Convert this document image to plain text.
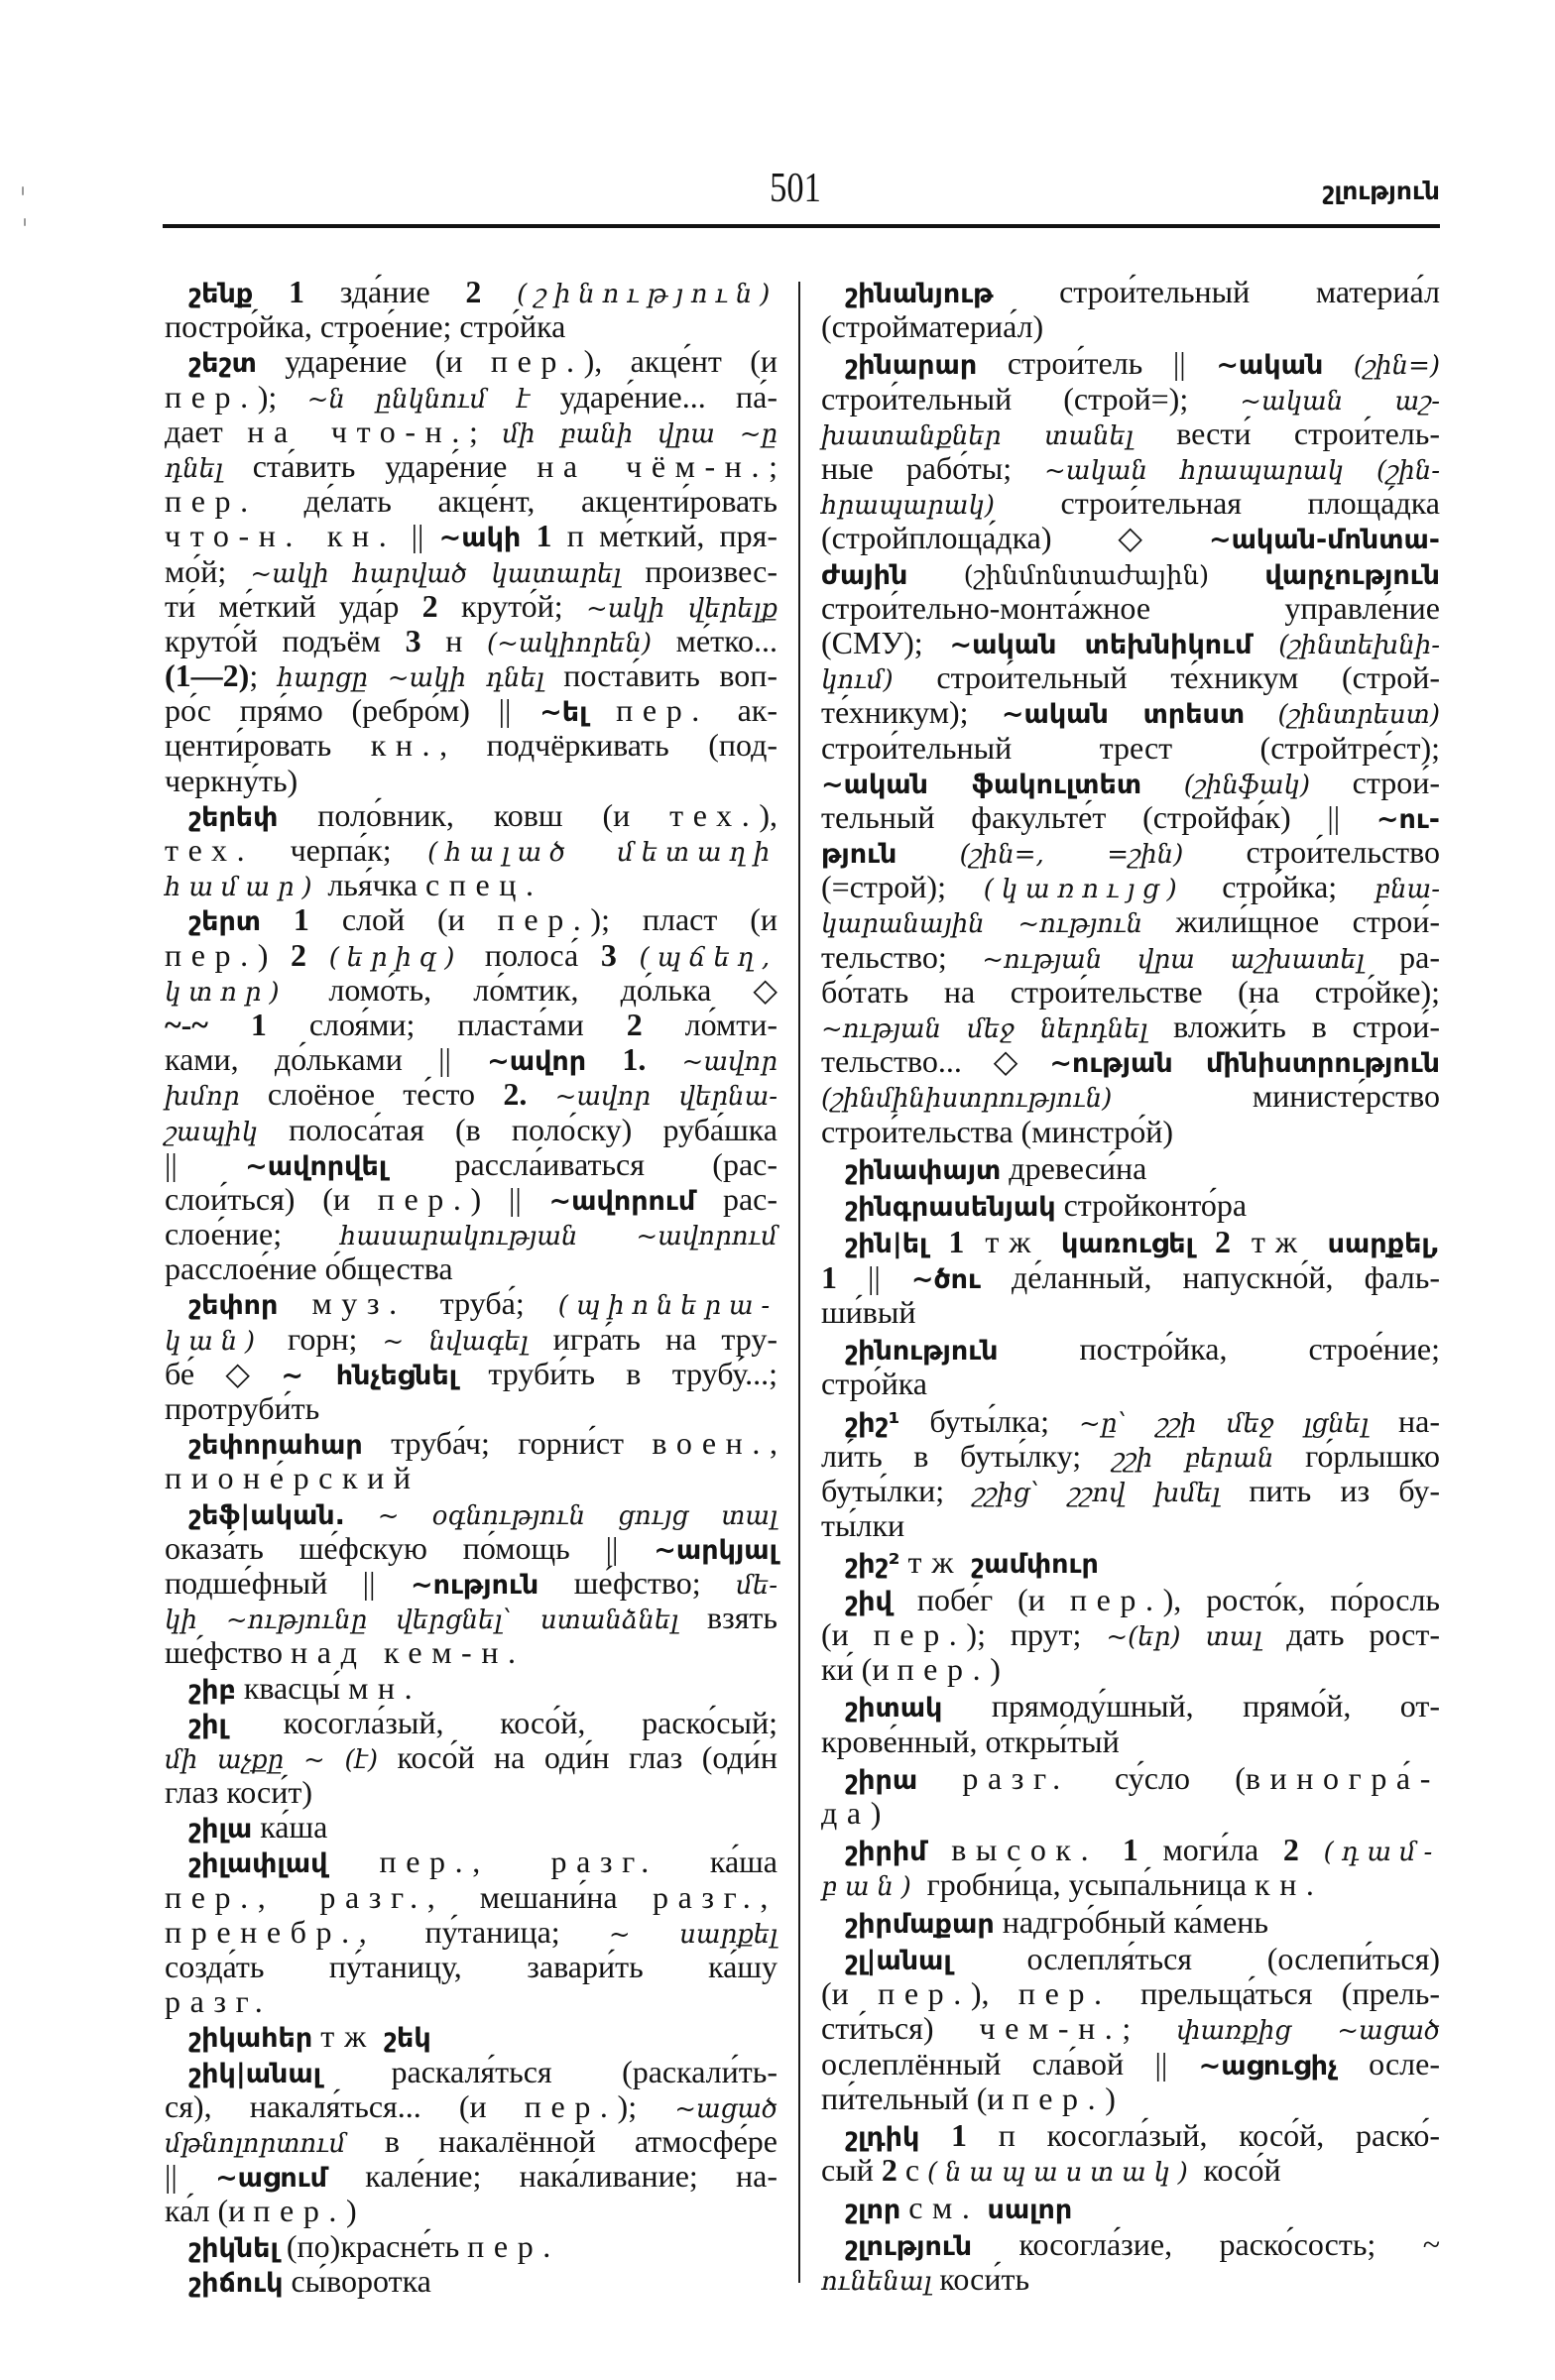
501	շլություն
շենք 1 зда́ние 2 (շինություն)
постро́йка, строе́ние; стро́йка
շեշտ ударе́ние (и пер.), акце́нт (и
пер.); ~ն ընկնում է ударе́ние... па́-
дает на что-н.; մի բանի վրա ~ը
դնել ста́вить ударе́ние на чём-н.;
пер. де́лать акце́нт, акценти́ровать
что-н. кн. || ~ակի 1 п ме́ткий, пря-
мо́й; ~ակի հարված կատարել произвес-
ти́ ме́ткий уда́р 2 круто́й; ~ակի վերելք
круто́й подъём 3 н (~ակիորեն) ме́тко...
(1—2); հարցը ~ակի դնել поста́вить воп-
ро́с пря́мо (ребро́м) || ~ել пер. ак-
центи́ровать кн., подчёркивать (под-
черкну́ть)
շերեփ поло́вник, ковш (и тех.),
тех. черпа́к; (հալած մետաղի
համար) лья́чка спец.
շերտ 1 слой (и пер.); пласт (и
пер.) 2 (երիզ) полоса́ 3 (պճեղ,
կտոր) ломо́ть, ло́мтик, до́лька ◇
~-~ 1 слоя́ми; пласта́ми 2 ло́мти-
ками, до́льками || ~ավոր 1. ~ավոր
խմոր слоёное те́сто 2. ~ավոր վերնա-
շապիկ полоса́тая (в поло́ску) руба́шка
|| ~ավորվել рассла́иваться (рас-
слои́ться) (и пер.) || ~ավորում рас-
слое́ние; հասարակության ~ավորում
расслое́ние о́бщества
շեփոր муз. труба́; (պիոներա-
կան) горн; ~ նվագել игра́ть на тру-
бе́ ◇ ~ հնչեցնել труби́ть в трубу́...;
протруби́ть
շեփորահար труба́ч; горни́ст воен.,
пионе́рский
շեֆ|ական. ~ օգնություն ցույց տալ
оказа́ть ше́фскую по́мощь || ~արկյալ
подше́фный || ~ություն ше́фство; մե-
կի ~ությունը վերցնել՝ ստանձնել взять
ше́фство над кем-н.
շիբ квасцы́ мн.
շիլ косогла́зый, косо́й, раско́сый;
մի աչքը ~ (է) косо́й на оди́н глаз (оди́н
глаз коси́т)
շիլա ка́ша
շիլափլավ пер., разг. ка́ша
пер., разг., мешани́на разг.,
пренебр., пу́таница; ~ սարքել
созда́ть пу́таницу, завари́ть ка́шу
разг.
շիկահեր тж շեկ
շիկ|անալ раскаля́ться (раскали́ть-
ся), накаля́ться... (и пер.); ~ացած
մթնոլորտում в накалённой атмосфе́ре
|| ~ացում кале́ние; нака́ливание; на-
ка́л (и пер.)
շիկնել (по)красне́ть пер.
շիճուկ сы́воротка
շինանյութ строи́тельный материа́л
(стройматериа́л)
շինարար строи́тель || ~ական (շին=)
строи́тельный (строй=); ~ական աշ-
խատանքներ տանել вести́ строи́тель-
ные рабо́ты; ~ական հրապարակ (շին-
հրապարակ) строи́тельная площа́дка
(стройплоща́дка) ◇ ~ական-մոնտա-
ժային (շինմոնտաժային) վարչություն
строи́тельно-монта́жное управле́ние
(СМУ); ~ական տեխնիկում (շինտեխնի-
կում) строи́тельный те́хникум (строй-
те́хникум); ~ական տրեստ (շինտրեստ)
строи́тельный трест (стройтре́ст);
~ական ֆակուլտետ (շինֆակ) строи́-
тельный факульте́т (стройфа́к) || ~ու-
թյուն (շին=, =շին) строи́тельство
(=строй); (կառույց) стро́йка; բնա-
կարանային ~ություն жили́щное строи́-
тельство; ~ության վրա աշխատել ра-
бо́тать на строи́тельстве (на стро́йке);
~ության մեջ ներդնել вложи́ть в строи́-
тельство... ◇ ~ության մինիստրություն
(շինմինիստրություն) министе́рство
строи́тельства (минстро́й)
շինափայտ древеси́на
շինգրասենյակ стройконто́ра
շին|ել 1 тж կառուցել 2 тж սարքել,
1 || ~ծու де́ланный, напускно́й, фаль-
ши́вый
շինություն постро́йка, строе́ние;
стро́йка
շիշ¹ буты́лка; ~ը՝ շշի մեջ լցնել на-
ли́ть в буты́лку; շշի բերան го́рлышко
буты́лки; շշից՝ շշով խմել пить из бу-
ты́лки
շիշ² тж շամփուր
շիվ побе́г (и пер.), росто́к, по́росль
(и пер.); прут; ~(եր) տալ дать рост-
ки́ (и пер.)
շիտակ прямоду́шный, прямо́й, от-
крове́нный, откры́тый
շիրա разг. су́сло (виногра́-
да)
շիրիմ высок. 1 моги́ла 2 (դամ-
բան) гробни́ца, усыпа́льница кн.
շիրմաքար надгро́бный ка́мень
շլ|անալ ослепля́ться (ослепи́ться)
(и пер.), пер. прельща́ться (прель-
сти́ться) чем-н.; փառքից ~ացած
ослеплённый сла́вой || ~ացուցիչ осле-
пи́тельный (и пер.)
շլդիկ 1 п косогла́зый, косо́й, раско́-
сый 2 с (նապաստակ) косо́й
շլոր см. սալոր
շլություն косогла́зие, раско́сость; ~
ունենալ коси́ть
